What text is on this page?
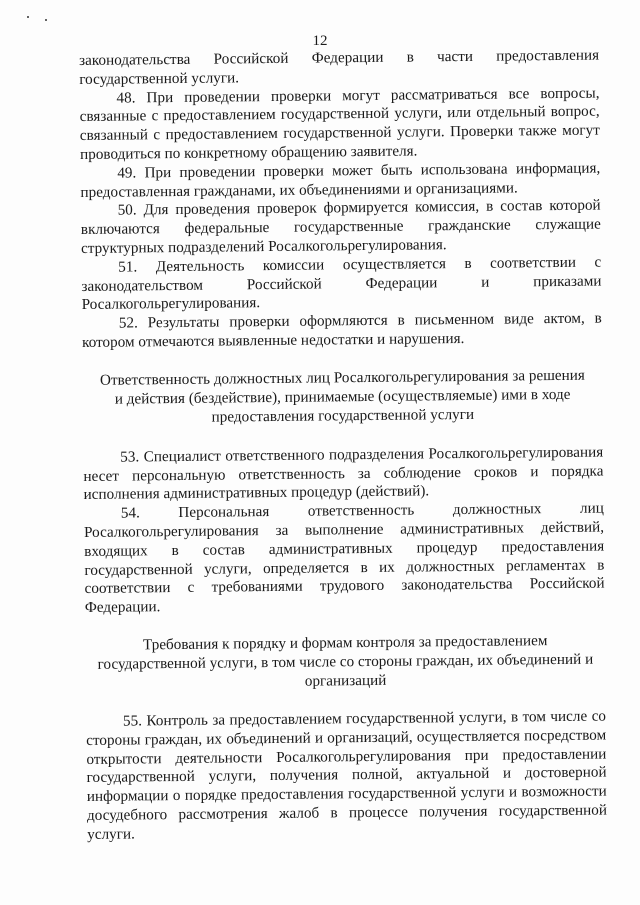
12

законодательства Российской Федерации в части предоставления государственной услуги.

48. При проведении проверки могут рассматриваться все вопросы, связанные с предоставлением государственной услуги, или отдельный вопрос, связанный с предоставлением государственной услуги. Проверки также могут проводиться по конкретному обращению заявителя.

49. При проведении проверки может быть использована информация, предоставленная гражданами, их объединениями и организациями.

50. Для проведения проверок формируется комиссия, в состав которой включаются федеральные государственные гражданские служащие структурных подразделений Росалкогольрегулирования.

51. Деятельность комиссии осуществляется в соответствии с законодательством Российской Федерации и приказами Росалкогольрегулирования.

52. Результаты проверки оформляются в письменном виде актом, в котором отмечаются выявленные недостатки и нарушения.

Ответственность должностных лиц Росалкогольрегулирования за решения и действия (бездействие), принимаемые (осуществляемые) ими в ходе предоставления государственной услуги

53. Специалист ответственного подразделения Росалкогольрегулирования несет персональную ответственность за соблюдение сроков и порядка исполнения административных процедур (действий).

54. Персональная ответственность должностных лиц Росалкогольрегулирования за выполнение административных действий, входящих в состав административных процедур предоставления государственной услуги, определяется в их должностных регламентах в соответствии с требованиями трудового законодательства Российской Федерации.

Требования к порядку и формам контроля за предоставлением государственной услуги, в том числе со стороны граждан, их объединений и организаций

55. Контроль за предоставлением государственной услуги, в том числе со стороны граждан, их объединений и организаций, осуществляется посредством открытости деятельности Росалкогольрегулирования при предоставлении государственной услуги, получения полной, актуальной и достоверной информации о порядке предоставления государственной услуги и возможности досудебного рассмотрения жалоб в процессе получения государственной услуги.
